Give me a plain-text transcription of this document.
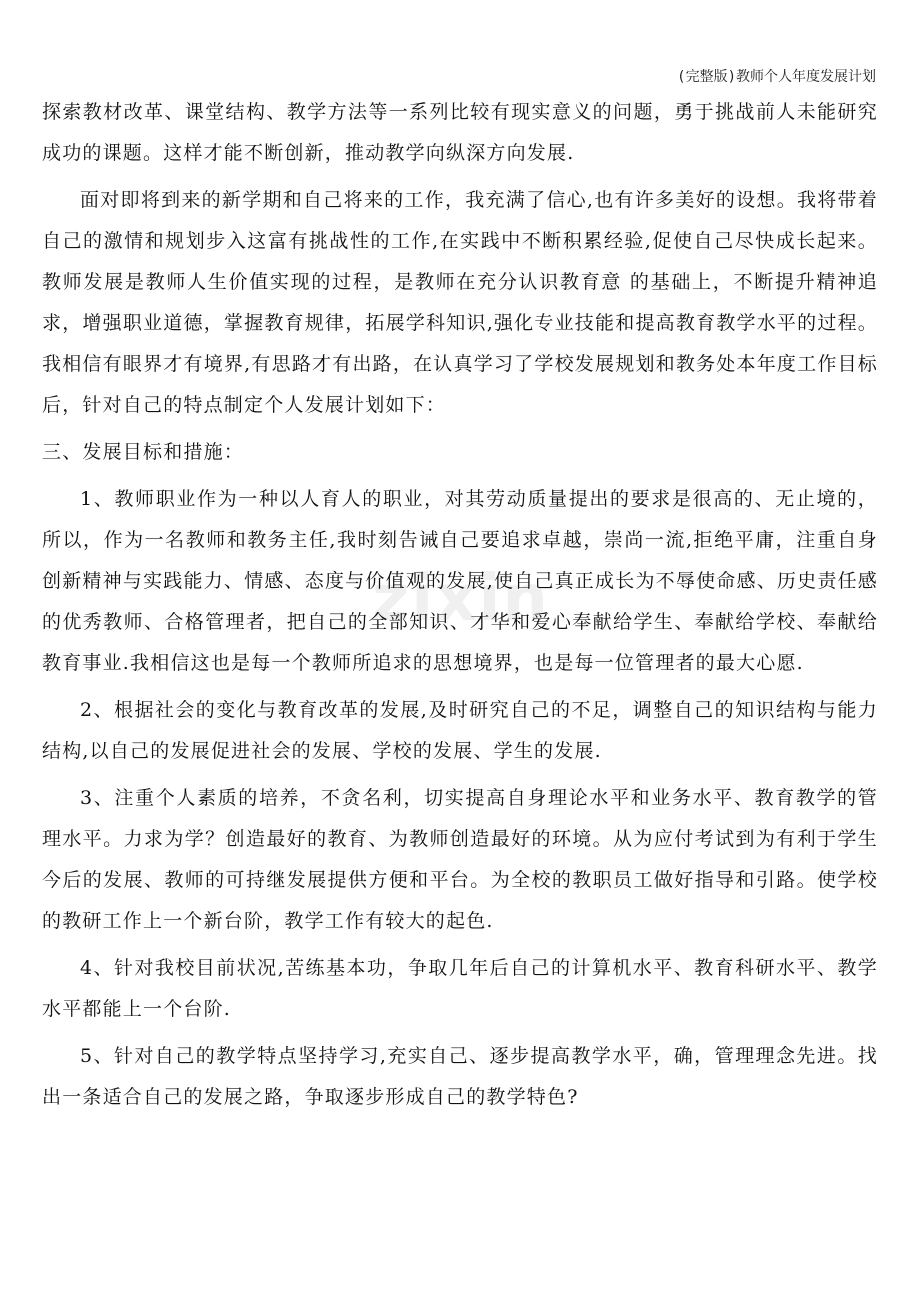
(完整版)教师个人年度发展计划
zixin

探索教材改革、课堂结构、教学方法等一系列比较有现实意义的问题，勇于挑战前人未能研究成功的课题。这样才能不断创新，推动教学向纵深方向发展.

面对即将到来的新学期和自己将来的工作，我充满了信心,也有许多美好的设想。我将带着自己的激情和规划步入这富有挑战性的工作,在实践中不断积累经验,促使自己尽快成长起来。教师发展是教师人生价值实现的过程，是教师在充分认识教育意 的基础上，不断提升精神追求，增强职业道德，掌握教育规律，拓展学科知识,强化专业技能和提高教育教学水平的过程。我相信有眼界才有境界,有思路才有出路，在认真学习了学校发展规划和教务处本年度工作目标后，针对自己的特点制定个人发展计划如下：

三、发展目标和措施：

1、教师职业作为一种以人育人的职业，对其劳动质量提出的要求是很高的、无止境的，所以，作为一名教师和教务主任,我时刻告诫自己要追求卓越，崇尚一流,拒绝平庸，注重自身创新精神与实践能力、情感、态度与价值观的发展,使自己真正成长为不辱使命感、历史责任感的优秀教师、合格管理者，把自己的全部知识、才华和爱心奉献给学生、奉献给学校、奉献给教育事业.我相信这也是每一个教师所追求的思想境界，也是每一位管理者的最大心愿.

2、根据社会的变化与教育改革的发展,及时研究自己的不足，调整自己的知识结构与能力结构,以自己的发展促进社会的发展、学校的发展、学生的发展.

3、注重个人素质的培养，不贪名利，切实提高自身理论水平和业务水平、教育教学的管理水平。力求为学？创造最好的教育、为教师创造最好的环境。从为应付考试到为有利于学生今后的发展、教师的可持继发展提供方便和平台。为全校的教职员工做好指导和引路。使学校的教研工作上一个新台阶，教学工作有较大的起色.

4、针对我校目前状况,苦练基本功，争取几年后自己的计算机水平、教育科研水平、教学水平都能上一个台阶.

5、针对自己的教学特点坚持学习,充实自己、逐步提高教学水平，确，管理理念先进。找出一条适合自己的发展之路，争取逐步形成自己的教学特色?
